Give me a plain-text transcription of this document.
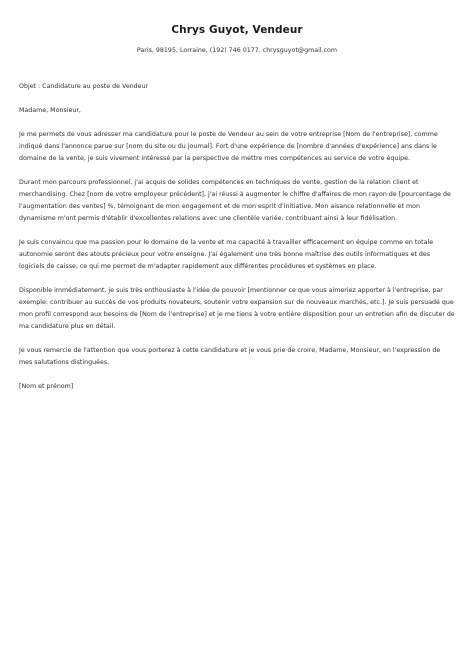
Chrys Guyot, Vendeur
Paris, 98195, Lorraine, (192) 746 0177, chrysguyot@gmail.com

Objet : Candidature au poste de Vendeur

Madame, Monsieur,

Je me permets de vous adresser ma candidature pour le poste de Vendeur au sein de votre entreprise [Nom de l'entreprise], comme indiqué dans l'annonce parue sur [nom du site ou du journal]. Fort d'une expérience de [nombre d'années d'expérience] ans dans le domaine de la vente, je suis vivement intéressé par la perspective de mettre mes compétences au service de votre équipe.

Durant mon parcours professionnel, j'ai acquis de solides compétences en techniques de vente, gestion de la relation client et merchandising. Chez [nom de votre employeur précédent], j'ai réussi à augmenter le chiffre d'affaires de mon rayon de [pourcentage de l'augmentation des ventes] %, témoignant de mon engagement et de mon esprit d'initiative. Mon aisance relationnelle et mon dynamisme m'ont permis d'établir d'excellentes relations avec une clientèle variée, contribuant ainsi à leur fidélisation.

Je suis convaincu que ma passion pour le domaine de la vente et ma capacité à travailler efficacement en équipe comme en totale autonomie seront des atouts précieux pour votre enseigne. J'ai également une très bonne maîtrise des outils informatiques et des logiciels de caisse, ce qui me permet de m'adapter rapidement aux différentes procédures et systèmes en place.

Disponible immédiatement, je suis très enthousiaste à l'idée de pouvoir [mentionner ce que vous aimeriez apporter à l'entreprise, par exemple: contribuer au succès de vos produits novateurs, soutenir votre expansion sur de nouveaux marchés, etc.]. Je suis persuadé que mon profil correspond aux besoins de [Nom de l'entreprise] et je me tiens à votre entière disposition pour un entretien afin de discuter de ma candidature plus en détail.

Je vous remercie de l'attention que vous porterez à cette candidature et je vous prie de croire, Madame, Monsieur, en l'expression de mes salutations distinguées.

[Nom et prénom]
